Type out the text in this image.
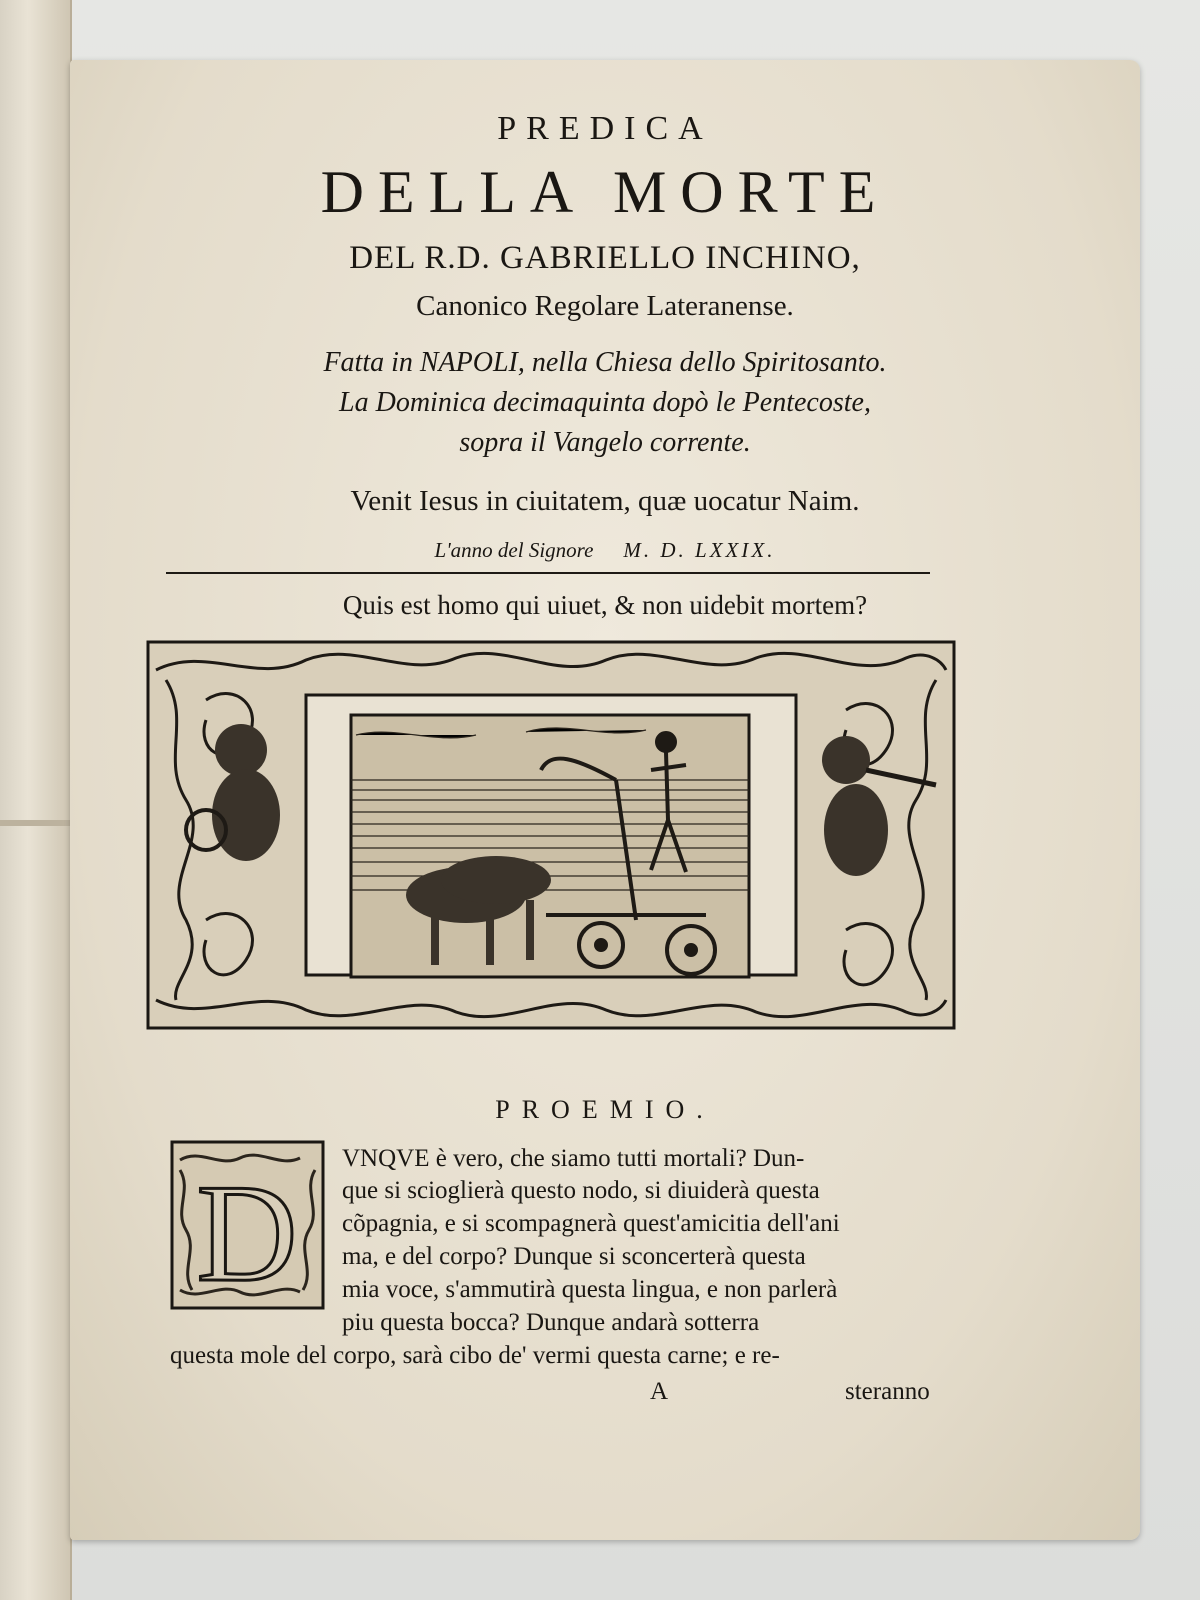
PREDICA
DELLA MORTE
DEL R.D. GABRIELLO INCHINO,
Canonico Regolare Lateranense.
Fatta in NAPOLI, nella Chiesa dello Spiritosanto.
La Dominica decimaquinta dopò le Pentecoste,
sopra il Vangelo corrente.
Venit Iesus in ciuitatem, quæ uocatur Naim.
L'anno del Signore M. D. LXXIX.
Quis est homo qui uiuet, & non uidebit mortem?
PROEMIO.
D VNQVE è vero, che siamo tutti mortali? Dun-
que si scioglierà questo nodo, si diuiderà questa
cõpagnia, e si scompagnerà quest'amicitia dell'ani
ma, e del corpo? Dunque si sconcerterà questa
mia voce, s'ammutirà questa lingua, e non parlerà
piu questa bocca? Dunque andarà sotterra
questa mole del corpo, sarà cibo de' vermi questa carne; e re-
A	steranno
